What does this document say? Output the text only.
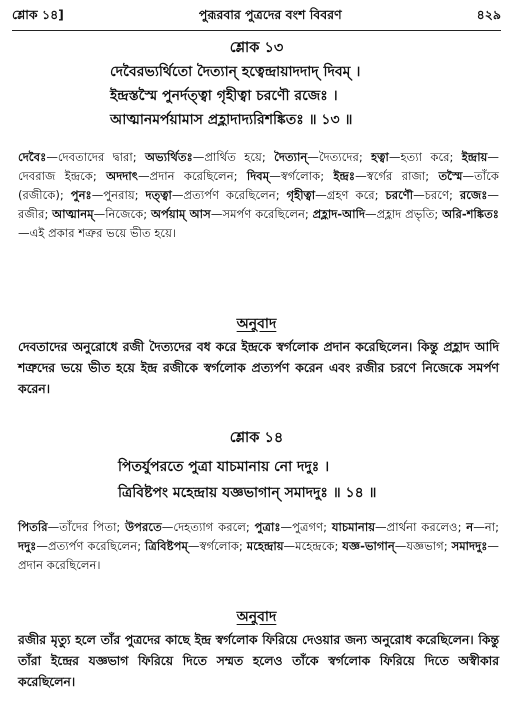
শ্লোক ১৪]	পুরূরবার পুত্রদের বংশ বিবরণ	৪২৯
শ্লোক ১৩
দেবৈরভ্যর্থিতো দৈত্যান্ হত্বেন্দ্রায়াদদাদ্ দিবম্ ।
ইন্দ্রস্তস্মৈ পুনর্দত্ত্বা গৃহীত্বা চরণৌ রজেঃ ।
আত্মানমর্পয়ামাস প্রহ্লাদাদ্যরিশঙ্কিতঃ ॥ ১৩ ॥
দেবৈঃ—দেবতাদের দ্বারা; অভ্যর্থিতঃ—প্রার্থিত হয়ে; দৈত্যান্—দৈত্যদের; হত্বা—হত্যা করে; ইন্দ্রায়—দেবরাজ ইন্দ্রকে; অদদাৎ—প্রদান করেছিলেন; দিবম্—স্বর্গলোক; ইন্দ্রঃ—স্বর্গের রাজা; তস্মৈ—তাঁকে (রজীকে); পুনঃ—পুনরায়; দত্ত্বা—প্রত্যর্পণ করেছিলেন; গৃহীত্বা—গ্রহণ করে; চরণৌ—চরণে; রজেঃ—রজীর; আত্মানম্—নিজেকে; অর্পয়াম্ আস—সমর্পণ করেছিলেন; প্রহ্লাদ-আদি—প্রহ্লাদ প্রভৃতি; অরি-শঙ্কিতঃ—এই প্রকার শত্রুর ভয়ে ভীত হয়ে।
অনুবাদ
দেবতাদের অনুরোধে রজী দৈত্যদের বধ করে ইন্দ্রকে স্বর্গলোক প্রদান করেছিলেন। কিন্তু প্রহ্লাদ আদি শত্রুদের ভয়ে ভীত হয়ে ইন্দ্র রজীকে স্বর্গলোক প্রত্যর্পণ করেন এবং রজীর চরণে নিজেকে সমর্পণ করেন।
শ্লোক ১৪
পিতর্যুপরতে পুত্রা যাচমানায় নো দদুঃ ।
ত্রিবিষ্টপং মহেন্দ্রায় যজ্ঞভাগান্ সমাদদুঃ ॥ ১৪ ॥
পিতরি—তাঁদের পিতা; উপরতে—দেহত্যাগ করলে; পুত্রাঃ—পুত্রগণ; যাচমানায়—প্রার্থনা করলেও; ন—না; দদুঃ—প্রত্যর্পণ করেছিলেন; ত্রিবিষ্টপম্—স্বর্গলোক; মহেন্দ্রায়—মহেন্দ্রকে; যজ্ঞ-ভাগান্—যজ্ঞভাগ; সমাদদুঃ—প্রদান করেছিলেন।
অনুবাদ
রজীর মৃত্যু হলে তাঁর পুত্রদের কাছে ইন্দ্র স্বর্গলোক ফিরিয়ে দেওয়ার জন্য অনুরোধ করেছিলেন। কিন্তু তাঁরা ইন্দ্রের যজ্ঞভাগ ফিরিয়ে দিতে সম্মত হলেও তাঁকে স্বর্গলোক ফিরিয়ে দিতে অস্বীকার করেছিলেন।
